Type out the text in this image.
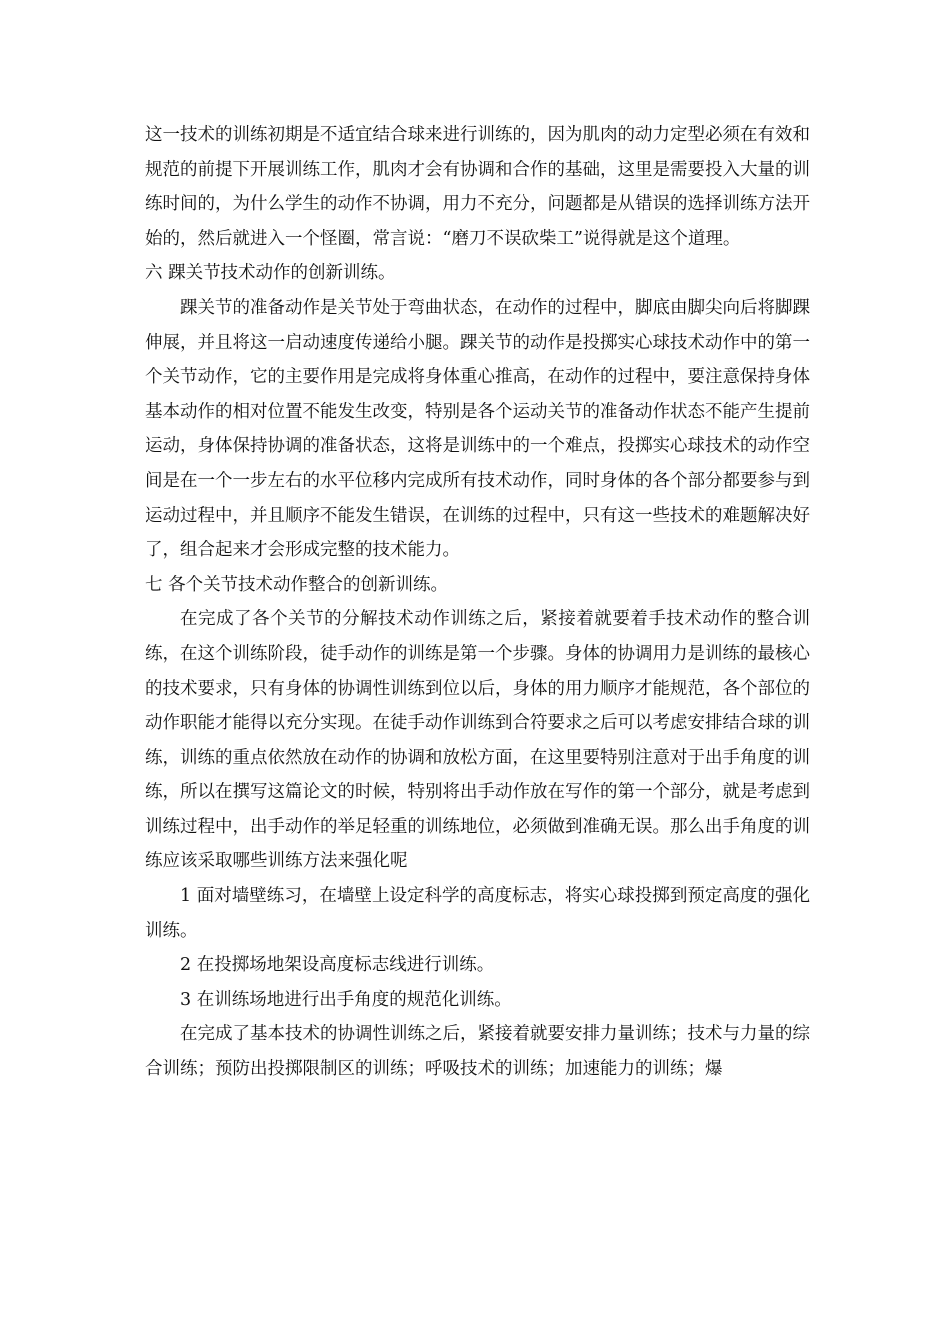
这一技术的训练初期是不适宜结合球来进行训练的，因为肌肉的动力定型必须在有效和规范的前提下开展训练工作，肌肉才会有协调和合作的基础，这里是需要投入大量的训练时间的，为什么学生的动作不协调，用力不充分，问题都是从错误的选择训练方法开始的，然后就进入一个怪圈，常言说：“磨刀不误砍柴工”说得就是这个道理。

六 踝关节技术动作的创新训练。

踝关节的准备动作是关节处于弯曲状态，在动作的过程中，脚底由脚尖向后将脚踝伸展，并且将这一启动速度传递给小腿。踝关节的动作是投掷实心球技术动作中的第一个关节动作，它的主要作用是完成将身体重心推高，在动作的过程中，要注意保持身体基本动作的相对位置不能发生改变，特别是各个运动关节的准备动作状态不能产生提前运动，身体保持协调的准备状态，这将是训练中的一个难点，投掷实心球技术的动作空间是在一个一步左右的水平位移内完成所有技术动作，同时身体的各个部分都要参与到运动过程中，并且顺序不能发生错误，在训练的过程中，只有这一些技术的难题解决好了，组合起来才会形成完整的技术能力。

七 各个关节技术动作整合的创新训练。

在完成了各个关节的分解技术动作训练之后，紧接着就要着手技术动作的整合训练，在这个训练阶段，徒手动作的训练是第一个步骤。身体的协调用力是训练的最核心的技术要求，只有身体的协调性训练到位以后，身体的用力顺序才能规范，各个部位的动作职能才能得以充分实现。在徒手动作训练到合符要求之后可以考虑安排结合球的训练，训练的重点依然放在动作的协调和放松方面，在这里要特别注意对于出手角度的训练，所以在撰写这篇论文的时候，特别将出手动作放在写作的第一个部分，就是考虑到训练过程中，出手动作的举足轻重的训练地位，必须做到准确无误。那么出手角度的训练应该采取哪些训练方法来强化呢

1 面对墙壁练习，在墙壁上设定科学的高度标志，将实心球投掷到预定高度的强化训练。

2 在投掷场地架设高度标志线进行训练。

3 在训练场地进行出手角度的规范化训练。

在完成了基本技术的协调性训练之后，紧接着就要安排力量训练；技术与力量的综合训练；预防出投掷限制区的训练；呼吸技术的训练；加速能力的训练；爆
